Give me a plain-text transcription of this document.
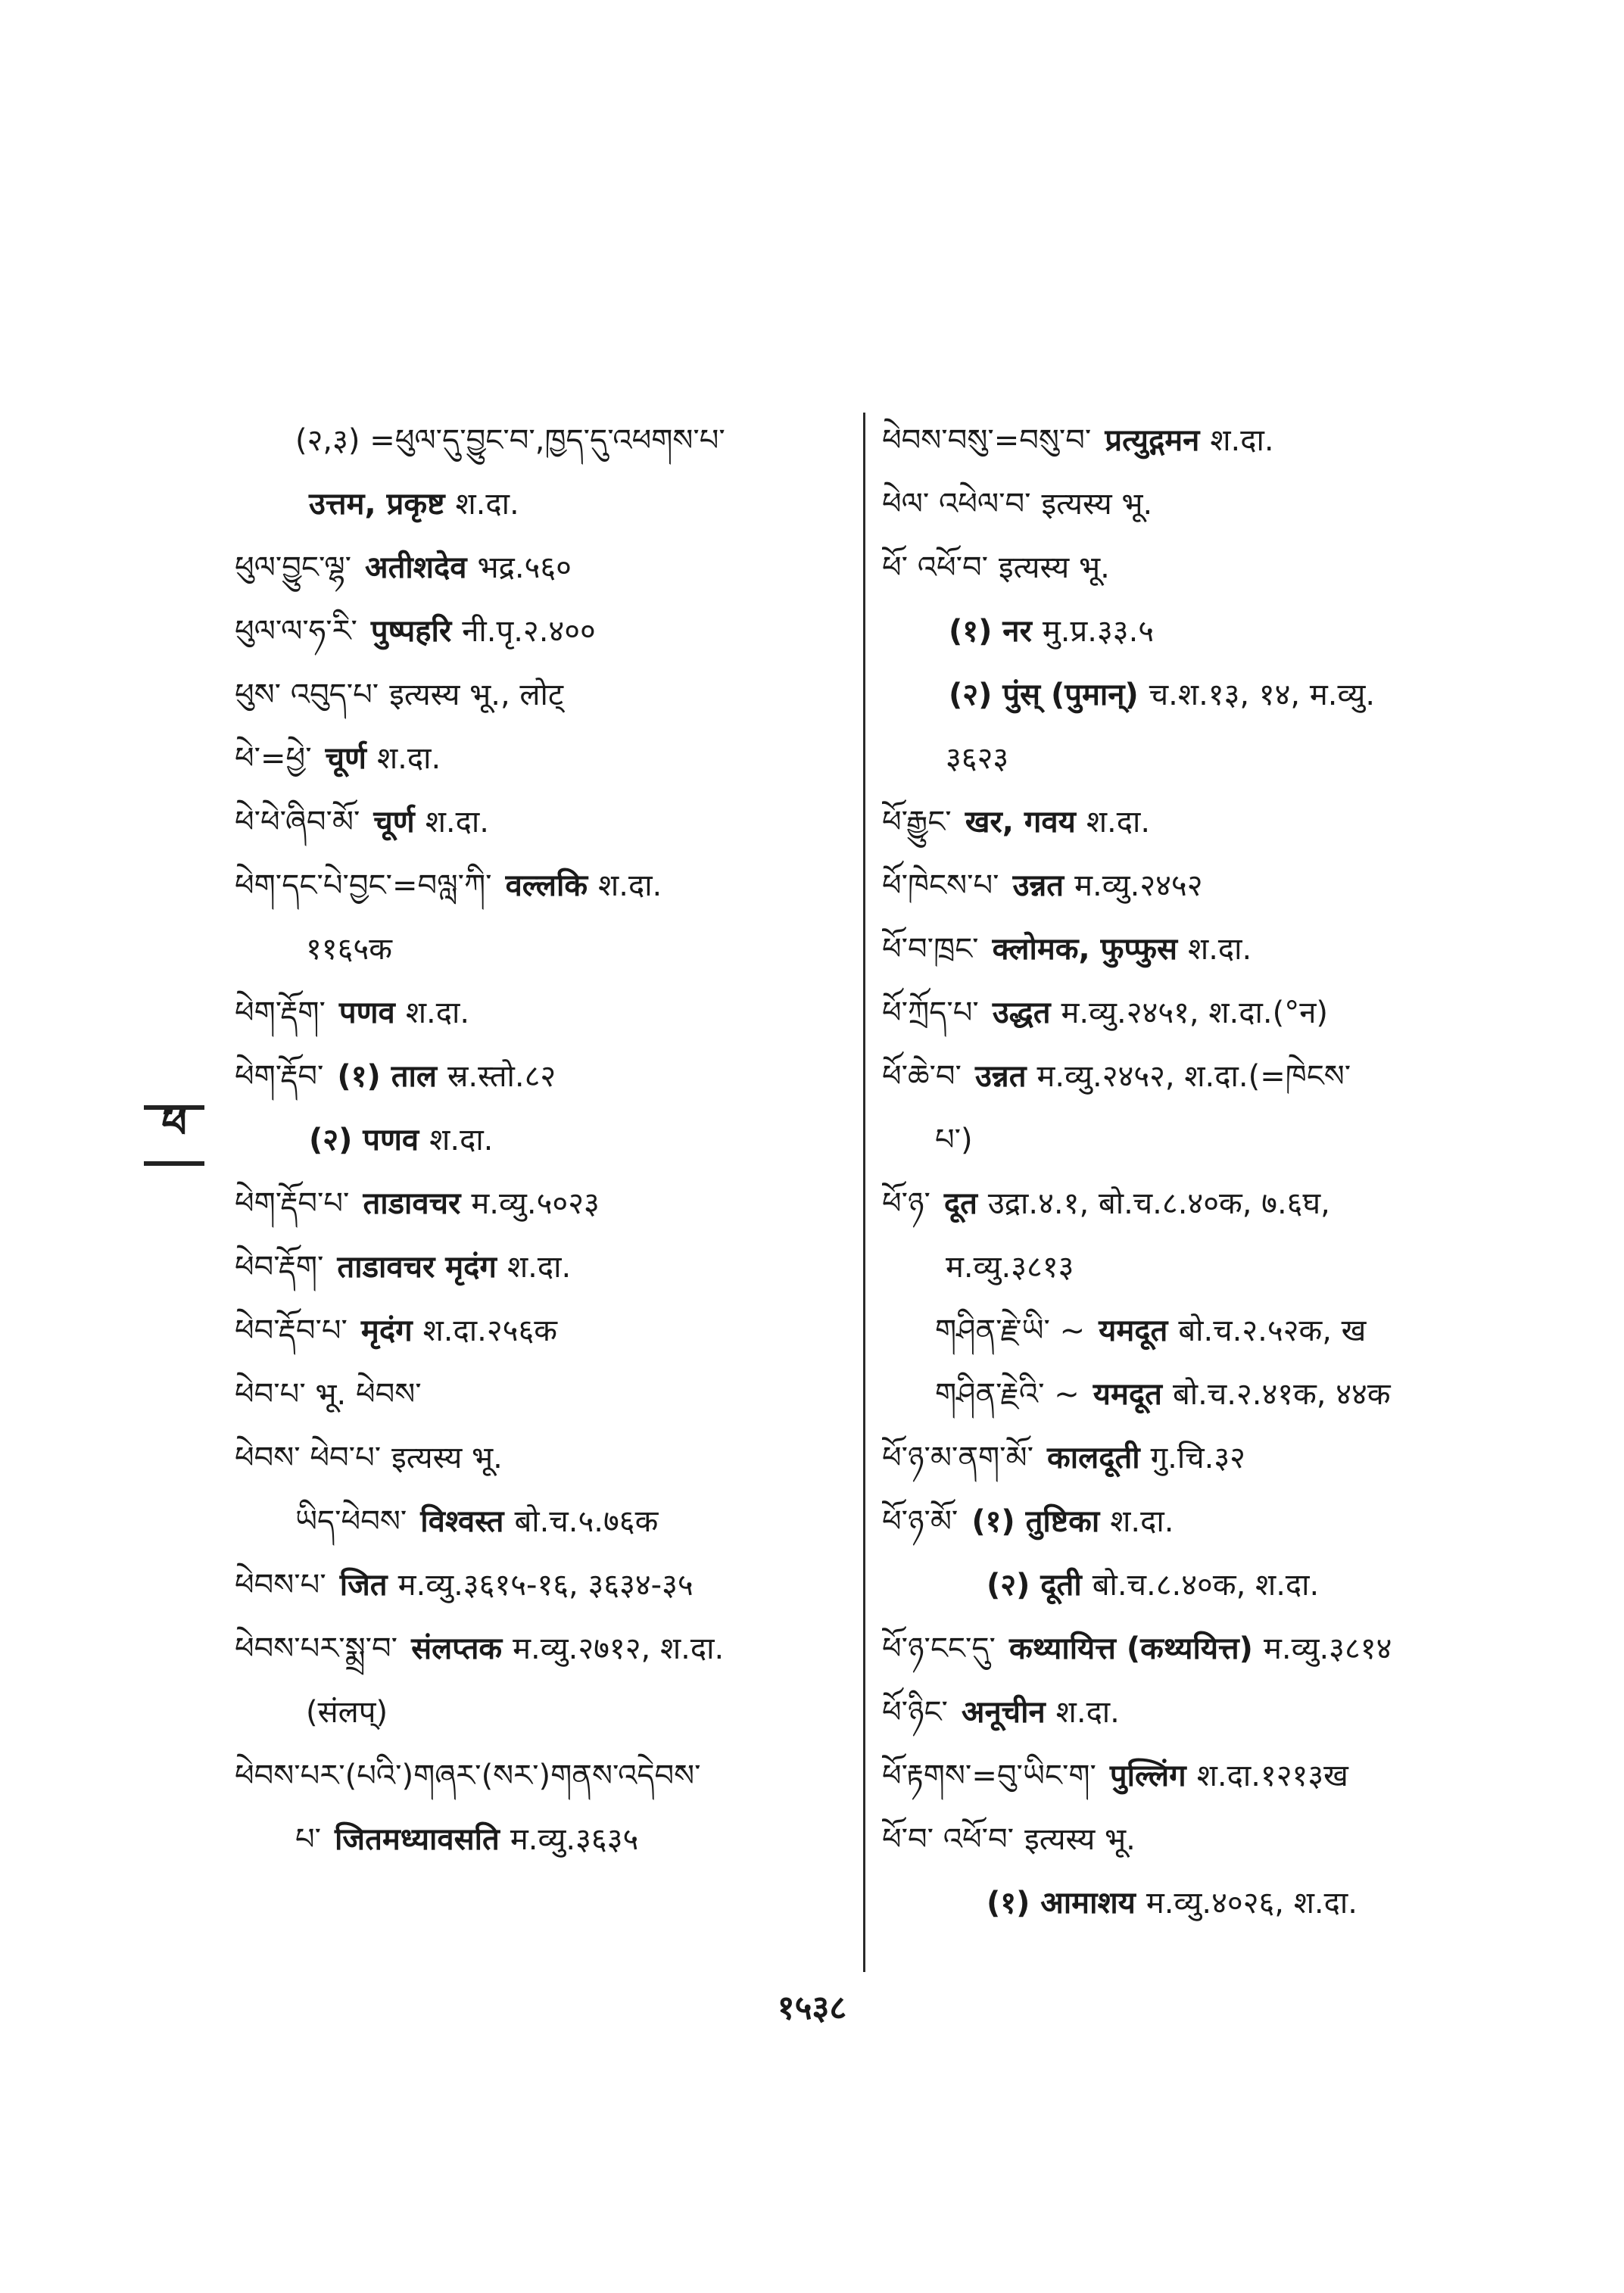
(२,३) =ཕུལ་དུ་བྱུང་བ་,ཁྱད་དུ་འཕགས་པ་
उत्तम, प्रकृष्ट श.दा.
ཕུལ་བྱུང་ལྷ་ अतीशदेव भद्र.५६०
ཕུལ་ལ་ཧ་རི་ पुष्पहरि नी.पृ.२.४००
ཕུས་ འབུད་པ་ इत्यस्य भू., लोट्
ཕེ་=ཕྱེ་ चूर्ण श.दा.
ཕེ་ཕེ་ཞིབ་མོ་ चूर्ण श.दा.
ཕེག་དང་པེ་བྱང་=བལླ་ཀི་ वल्लकि श.दा.
११६५क
ཕེག་རྡོག་ पणव श.दा.
ཕེག་རྡོབ་ (१) ताल स्र.स्तो.८२
(२) पणव श.दा.
ཕེག་རྡོབ་པ་ ताडावचर म.व्यु.५०२३
ཕེབ་རྡོག་ ताडावचर मृदंग श.दा.
ཕེབ་རྡོབ་པ་ मृदंग श.दा.२५६क
ཕེབ་པ་ भू. ཕེབས་
ཕེབས་ ཕེབ་པ་ इत्यस्य भू.
ཡིད་ཕེབས་ विश्वस्त बो.च.५.७६क
ཕེབས་པ་ जित म.व्यु.३६१५-१६, ३६३४-३५
ཕེབས་པར་སྨྲ་བ་ संलप्तक म.व्यु.२७१२, श.दा.
(संलप्)
ཕེབས་པར་(པའི་)གཞར་(སར་)གནས་འདེབས་
པ་ जितमध्यावसति म.व्यु.३६३५
ཕེབས་བསུ་=བསུ་བ་ प्रत्युद्गमन श.दा.
ཕེལ་ འཕེལ་བ་ इत्यस्य भू.
ཕོ་ འཕོ་བ་ इत्यस्य भू.
(१) नर मु.प्र.३३.५
(२) पुंस् (पुमान्) च.श.१३, १४, म.व्यु.
३६२३
ཕོ་རྒྱུང་ खर, गवय श.दा.
ཕོ་ཁེངས་པ་ उन्नत म.व्यु.२४५२
ཕོ་བ་ཁྲང་ क्लोमक, फुप्फुस श.दा.
ཕོ་ཀྲོད་པ་ उद्धत म.व्यु.२४५१, श.दा.(°न)
ཕོ་ཆེ་བ་ उन्नत म.व्यु.२४५२, श.दा.(=ཁེངས་
པ་)
ཕོ་ཉ་ दूत उद्रा.४.१, बो.च.८.४०क, ७.६घ,
म.व्यु.३८१३
གཤིན་རྗེ་ཡི་ ~ यमदूत बो.च.२.५२क, ख
གཤིན་རྗེའི་ ~ यमदूत बो.च.२.४१क, ४४क
ཕོ་ཉ་མ་ནག་མོ་ कालदूती गु.चि.३२
ཕོ་ཉ་མོ་ (१) तुष्टिका श.दा.
(२) दूती बो.च.८.४०क, श.दा.
ཕོ་ཉ་ངང་དུ་ कथ्यायित्त (कथ्ययित्त) म.व्यु.३८१४
ཕོ་ཉིང་ अनूचीन श.दा.
ཕོ་རྟགས་=བུ་ཡིང་ག་ पुल्लिंग श.दा.१२१३ख
ཕོ་བ་ འཕོ་བ་ इत्यस्य भू.
(१) आमाशय म.व्यु.४०२६, श.दा.
ཕ
१५३८
